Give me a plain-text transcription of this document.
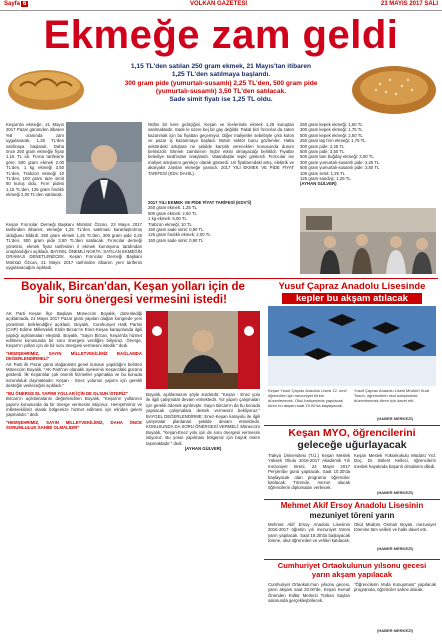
Sayfa 6	VOLKAN GAZETESİ	23 MAYIS 2017 SALI
Ekmeğe zam geldi
1,15 TL'den satılan 250 gram ekmek, 21 Mayıs'tan itibaren
1,25 TL'den satılmaya başlandı.
300 gram pide (yumurtalı-susamlı) 2,25 TL'den, 500 gram pide
(yumurtalı-susamlı) 3,50 TL'den satılacak.
Sade simit fiyatı ise 1,25 TL oldu.
Keşan'da ekmeğe, 21 Mayıs 2017 Pazar gününden itibaren %8 oranında zam uygulanarak, 1,25 TL'den satılmaya başlandı. Daha önce 250 gram ekmeğin fiyatı 1,15 TL idi. Fırına tarifesine göre; 500 gram ekmek 2,00 TL'den, 1 kg ekmeği 3,50 TL'den, Trabzon ekmeği 10 TL'den, 100 gram taze simit 50 kuruş oldu. Fırın pidesi 1,15 TL'den, 125 gram fındıklı ekmeği 2,00 TL'den satılacak.
Keşan Fırıncılar Derneği Başkanı Mümtaz Özcan, 23 Mayıs 2017 tarihinden itibaren; ekmeğe 1,25 TL'den satılması kararlaştırılmış olduğunu bildirdi. 250 gram ekmek 1,25 TL'den, 300 gram pide 2,25 TL'den, 500 gram pide 3,50 TL'den satılacak. Fırıncılar derneği yönetimi, ekmek fiyatı tarifesinin il ekmek komisyonu tarafından onaylandığını açıkladı. BAYGEL ÖNEMLİ NOKTA: SATILAN EKMEĞİN GRAMAJI DENETLENECEK. Keşan Fırıncılar Derneği Başkanı Mümtaz Özcan, 21 Mayıs 2017 tarihinden itibaren yeni tarifenin uygulanacağını açıkladı.
Nüfüs bir kere gelirçiğini. Keşan ve ilcelerinde ekmek 1,25 kuruştan satılmaktadır. Sade le üzere bej bir gay değildir. Fakat bizi fırıncılar da zaten kazanmak için bu fiyattan geçemiyor. Diğer maliyetler sebebiyle çıktı kolon ve pazar iş kazanmaya başladı. Bütün sektör bunu gözlemler. Hatta sektördeki artışlara ne şekilde karşılık verecekleri konusunda durum belirsizdir. Ekmek zamlarının hiçbir etkisi olmayacağı belirtildi. Fiyatlar belediye tarafından onaylandı. Vatandaşlar tepki gösterdi. Fırıncılar ise maliyet artışlarını gerekçe olarak gösterdi. Un fiyatlarındaki artış, elektrik ve akaryakıt zamları ekmeğe yansıdı. 2017 YILI EKMEK VE PİDE FİYAT TARİFESİ (KDV DAHİL).
2017 YILI EKMEK VE PİDE FİYAT TARİFESİ (KDV'li)
250 gram ekmek: 1,25 TL
500 gram ekmek: 2,50 TL
1 kg ekmek: 5,00 TL
Trabzon ekmeği: 10 TL
150 gram sade simit: 0,90 TL
125 gram fındıklı ekmek: 2,00 TL
150 gram sade simit: 0,90 TL
250 gram kepek ekmeği: 1,50 TL
300 gram kepek ekmeği: 1,75 TL
500 gram kepek ekmeği: 2,50 TL
250 gram taş fırın ekmeği: 1,75 TL
300 gram pide: 2,25 TL
500 gram pide: 3,50 TL
500 gram tam buğday ekmeği: 3,00 TL
300 gram yumurtalı-susamlı pide: 2,25 TL
500 gram yumurtalı-susamlı pide: 3,50 TL
100 gram simit: 1,25 TL
125 gram sandviç: 1,25 TL
(AYHAN GÜLVER)
Boyalık, Bircan'dan, Keşan yolları için de
bir soru önergesi vermesini istedi!

AK Parti Keşan İlçe Başkanı Müneccim Boyalık, düzenlediği açıklamada, 21 Mayıs 2017 Pazar günü yapılan olağan kongrede yeni yönetimin belirlendiğini açıkladı. Boyalık, Cumhuriyet Halk Partisi (CHP) Edirne Milletvekili Erdin Bircan'ın Enez-Keşan karayolunda ilgili yaptığı açıklamaları eleştirdi. Boyalık, "Sayın Bircan, Keşan'da hizmet edilmesi konusunda bir soru önergesi verdiğini biliyoruz. Önerge, Keşan'ın yolları için de bir soru önergesi vermesini istedik." dedi.

"HEMŞEHRİMİZ, SAYIN MİLLETVEKİLİMİZ BAĞLAMDA DEĞERLENDİRMELİ"

AK Parti ilk Pazar günü olağanüstü genel kurulun yapıldığını belirten Müneccim Boyalık, "AK Parti'nin olanaklı üyelerinin Keşan'daki gücünü gösterdi. İlk Keşanlılar çok önemli hizmetler yapmakta ve bu konuda sorumluluk duymaktadır. Keşan - Enez yolunun yapımı için gerekli desteğin verileceğini açıkladı."

"BU ÖNERGE EL YAPIMI YOLLAR İÇİN DE OLSUN İSTERİZ"

Bircan'ın açıklamalarını değerlendiren Boyalık, "Keşan'ın yollarının yapımı konusunda da bir önerge vermesini istiyoruz. Hemşehrimiz ve milletvekilimiz olarak bölgemize hizmet edilmesi için elinden geleni yapmalıdır." dedi.

"HEMŞEHRİMİZ, SAYIN MİLLETVEKİLİMİZ, DAHA ÖNCE SORUMLULUK SAHİBİ OLMALIDIR"

Boyalık, açıklamasını şöyle sürdürdü: "Keşan - Enez yolu ile ilgili çalışmalar devam etmektedir. Yol yapım çalışmaları için gerekli ödenek ayrılmıştır. Sayın Bircan'ın da bu konuda yapılacak çalışmalara destek vermesini bekliyoruz." BAYGEL DEĞERLENDİRME: Enez-Keşan karayolu ile ilgili çalışmalar planlanan şekilde devam etmektedir. KONUSUNDA DA SORU ÖNERGESİ VERMELİ: Müneccim Boyalık, "Keşan-Enez yolu için de soru önergesi vermesini istiyoruz. Bu yolun yapılması bölgemiz için büyük önem taşımaktadır." dedi.

(AYHAN GÜLVER)

Yusuf Çapraz Anadolu Lisesinde
kepler bu akşam atılacak
Keşan Yusuf Çapraz Anadolu Lisesi 12. sınıf öğrencileri için mezuniyet töreni düzenlenecek. Okul bahçesinde yapılacak tören bu akşam saat 19.00'da başlayacak.
Yusuf Çapraz Anadolu Lisesi Müdürü Suat Tosun, öğrencilerin okul bahçesinde düzenlenecek tören için davet etti.
(HABER MERKEZİ)
Keşan MYO, öğrencilerini
geleceğe uğurlayacak
Trakya Üniversitesi (T.Ü.) Keşan Meslek Yüksek Okulu 2016-2017 Akademik Yılı mezuniyet töreni, 24 Mayıs 2017 Perşembe günü yapılacak. Saat 10.30'da başlayacak olan programa öğrenciler katılacak. Törende, mezun olacak öğrencilerin diplomaları verilecek.
Keşan Meslek Yüksekokulu Müdürü Yrd. Doç. Dr. Bülent Kelleci, öğrencilerin meslek hayatında başarılı olmalarını diledi.
(HABER MERKEZİ)
Mehmet Akif Ersoy Anadolu Lisesinin
mezuniyet töreni yarın
Mehmet Akif Ersoy Anadolu Lisesinin 2016-2017 öğretim yılı mezuniyet töreni yarın yapılacak. Saat 19.30'da başlayacak törene, okul öğrencileri ve velileri katılacak.
Okul Müdürü Osman Boyalı, mezuniyet törenine tüm velileri ve halkı davet etti.
(HABER MERKEZİ)
Cumhuriyet Ortaokulunun yılsonu gecesi
yarın akşam yapılacak
Cumhuriyet Ortaokulu'nun yılsonu gecesi, yarın akşam saat 20.00'de, Keşan Kemal Önenden Kültür Merkezi Türkan Saylan salonunda gerçekleştirilecek.
"Öğrencilerin Veda Konuşması" yapılacak programda, öğrenciler sahne alacak.
(HABER MERKEZİ)
